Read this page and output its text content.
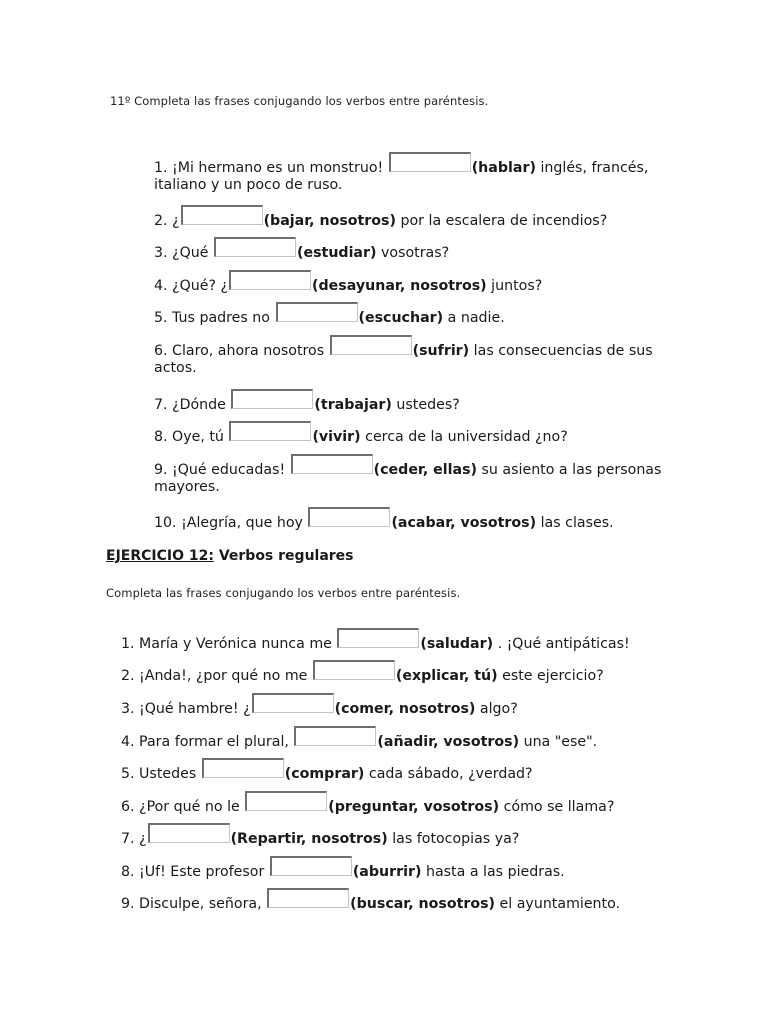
11º Completa las frases conjugando los verbos entre paréntesis.
1. ¡Mi hermano es un monstruo!	(hablar) inglés, francés,
italiano y un poco de ruso.
2. ¿	(bajar, nosotros) por la escalera de incendios?
3. ¿Qué	(estudiar) vosotras?
4. ¿Qué? ¿	(desayunar, nosotros) juntos?
5. Tus padres no	(escuchar) a nadie.
6. Claro, ahora nosotros	(sufrir) las consecuencias de sus
actos.
7. ¿Dónde	(trabajar) ustedes?
8. Oye, tú	(vivir) cerca de la universidad ¿no?
9. ¡Qué educadas!	(ceder, ellas) su asiento a las personas
mayores.
10. ¡Alegría, que hoy	(acabar, vosotros) las clases.
EJERCICIO 12: Verbos regulares
Completa las frases conjugando los verbos entre paréntesis.
1. María y Verónica nunca me	(saludar) . ¡Qué antipáticas!
2. ¡Anda!, ¿por qué no me	(explicar, tú) este ejercicio?
3. ¡Qué hambre! ¿	(comer, nosotros) algo?
4. Para formar el plural,	(añadir, vosotros) una "ese".
5. Ustedes	(comprar) cada sábado, ¿verdad?
6. ¿Por qué no le	(preguntar, vosotros) cómo se llama?
7. ¿	(Repartir, nosotros) las fotocopias ya?
8. ¡Uf! Este profesor	(aburrir) hasta a las piedras.
9. Disculpe, señora,	(buscar, nosotros) el ayuntamiento.
